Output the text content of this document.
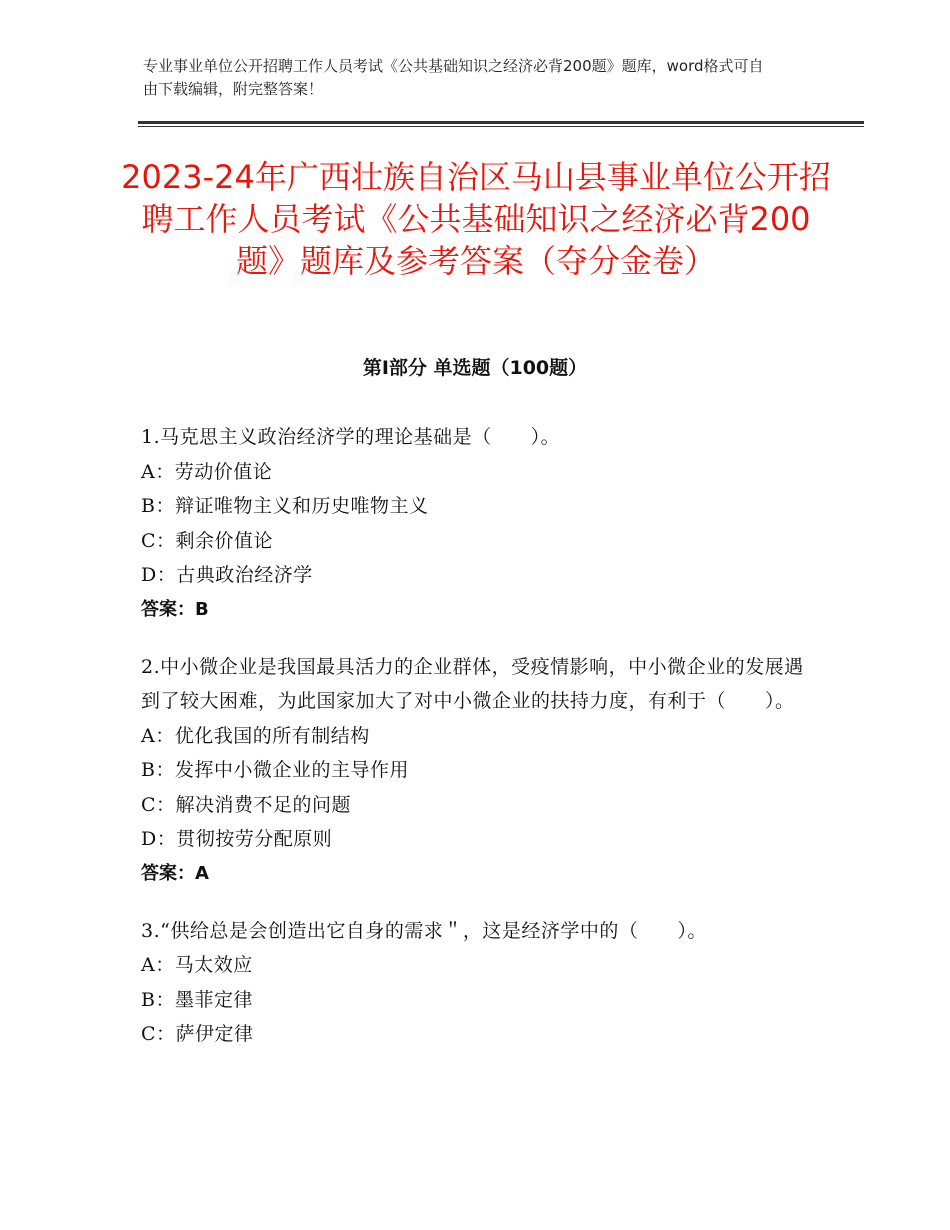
专业事业单位公开招聘工作人员考试《公共基础知识之经济必背200题》题库，word格式可自由下载编辑，附完整答案！
2023-24年广西壮族自治区马山县事业单位公开招聘工作人员考试《公共基础知识之经济必背200题》题库及参考答案（夺分金卷）
第Ⅰ部分 单选题（100题）
1.马克思主义政治经济学的理论基础是（　　）。
A：劳动价值论
B：辩证唯物主义和历史唯物主义
C：剩余价值论
D：古典政治经济学
答案：B
2.中小微企业是我国最具活力的企业群体，受疫情影响，中小微企业的发展遇到了较大困难，为此国家加大了对中小微企业的扶持力度，有利于（　　）。
A：优化我国的所有制结构
B：发挥中小微企业的主导作用
C：解决消费不足的问题
D：贯彻按劳分配原则
答案：A
3.“供给总是会创造出它自身的需求＂，这是经济学中的（　　）。
A：马太效应
B：墨菲定律
C：萨伊定律
